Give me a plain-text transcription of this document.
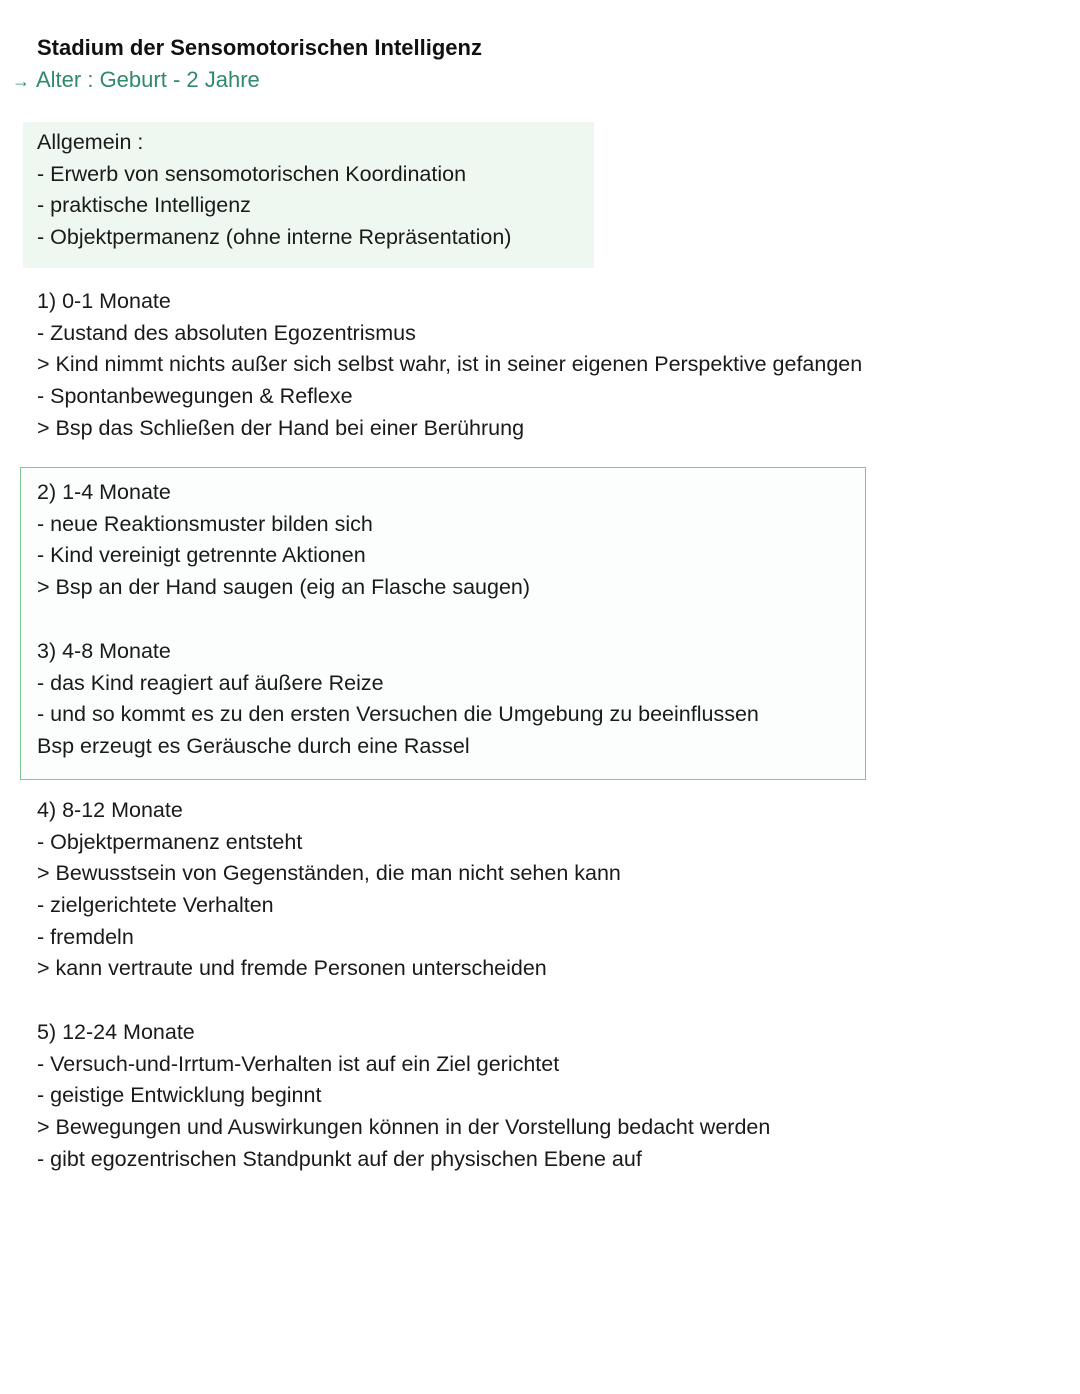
Stadium der Sensomotorischen Intelligenz
→ Alter : Geburt - 2 Jahre
Allgemein :
- Erwerb von sensomotorischen Koordination
- praktische Intelligenz
- Objektpermanenz (ohne interne Repräsentation)
1) 0-1 Monate
- Zustand des absoluten Egozentrismus
> Kind nimmt nichts außer sich selbst wahr, ist in seiner eigenen Perspektive gefangen
- Spontanbewegungen & Reflexe
> Bsp das Schließen der Hand bei einer Berührung
2) 1-4 Monate
- neue Reaktionsmuster bilden sich
- Kind vereinigt getrennte Aktionen
> Bsp an der Hand saugen (eig an Flasche saugen)
3) 4-8 Monate
- das Kind reagiert auf äußere Reize
- und so kommt es zu den ersten Versuchen die Umgebung zu beeinflussen
Bsp erzeugt es Geräusche durch eine Rassel
4) 8-12 Monate
- Objektpermanenz entsteht
> Bewusstsein von Gegenständen, die man nicht sehen kann
- zielgerichtete Verhalten
- fremdeln
> kann vertraute und fremde Personen unterscheiden
5) 12-24 Monate
- Versuch-und-Irrtum-Verhalten ist auf ein Ziel gerichtet
- geistige Entwicklung beginnt
> Bewegungen und Auswirkungen können in der Vorstellung bedacht werden
- gibt egozentrischen Standpunkt auf der physischen Ebene auf
